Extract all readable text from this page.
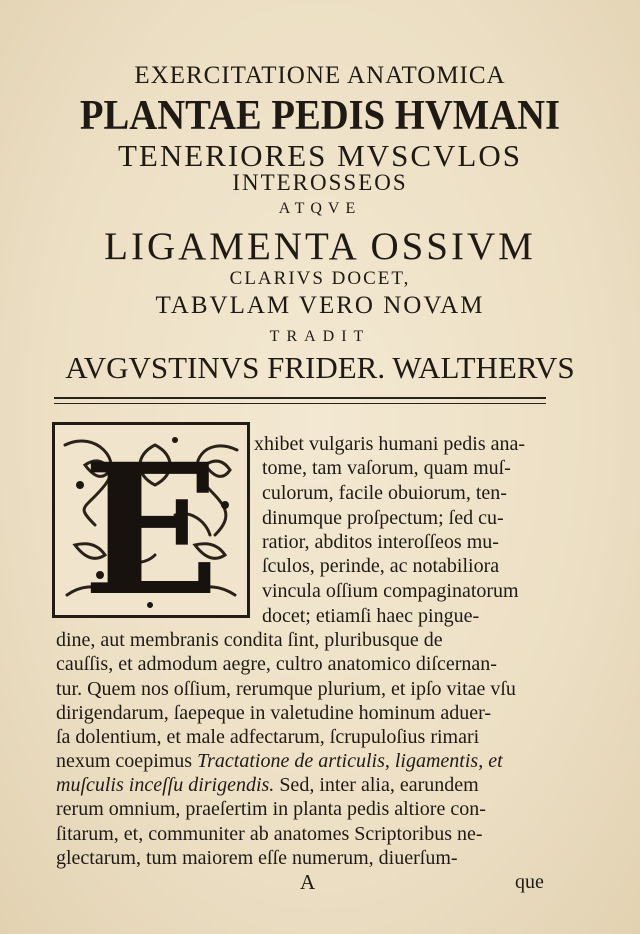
EXERCITATIONE ANATOMICA
PLANTAE PEDIS HVMANI
TENERIORES MVSCVLOS
INTEROSSEOS
ATQVE
LIGAMENTA OSSIVM
CLARIVS DOCET,
TABVLAM VERO NOVAM
TRADIT
AVGVSTINVS FRIDER. WALTHERVS
E xhibet vulgaris humani pedis ana-
tome, tam vaſorum, quam muſ-
culorum, facile obuiorum, ten-
dinumque proſpectum; ſed cu-
ratior, abditos interoſſeos mu-
ſculos, perinde, ac notabiliora
vincula oſſium compaginatorum
docet; etiamſi haec pingue-
dine, aut membranis condita ſint, pluribusque de
cauſſis, et admodum aegre, cultro anatomico diſcernan-
tur. Quem nos oſſium, rerumque plurium, et ipſo vitae vſu
dirigendarum, ſaepeque in valetudine hominum aduer-
ſa dolentium, et male adfectarum, ſcrupuloſius rimari
nexum coepimus Tractatione de articulis, ligamentis, et
muſculis inceſſu dirigendis. Sed, inter alia, earundem
rerum omnium, praeſertim in planta pedis altiore con-
ſitarum, et, communiter ab anatomes Scriptoribus ne-
glectarum, tum maiorem eſſe numerum, diuerſum-
A	que
